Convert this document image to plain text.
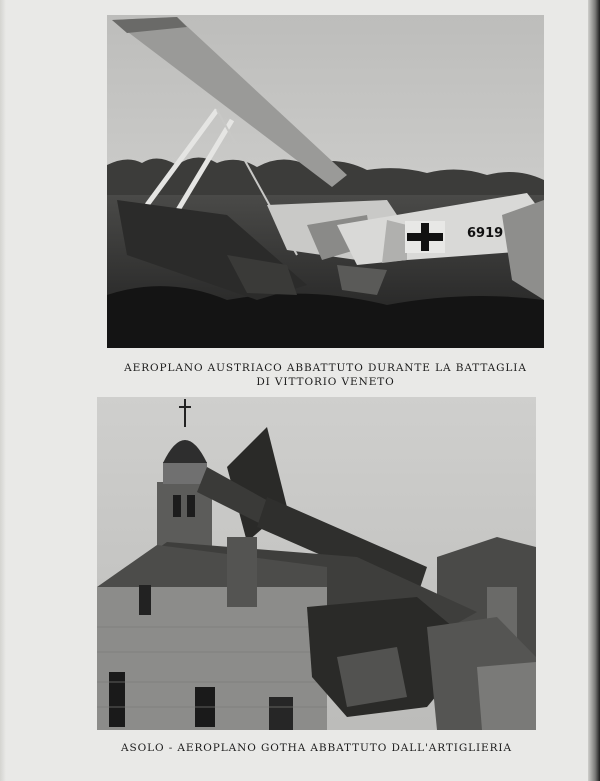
6919
AEROPLANO AUSTRIACO ABBATTUTO DURANTE LA BATTAGLIA
DI VITTORIO VENETO
ASOLO - AEROPLANO GOTHA ABBATTUTO DALL'ARTIGLIERIA
